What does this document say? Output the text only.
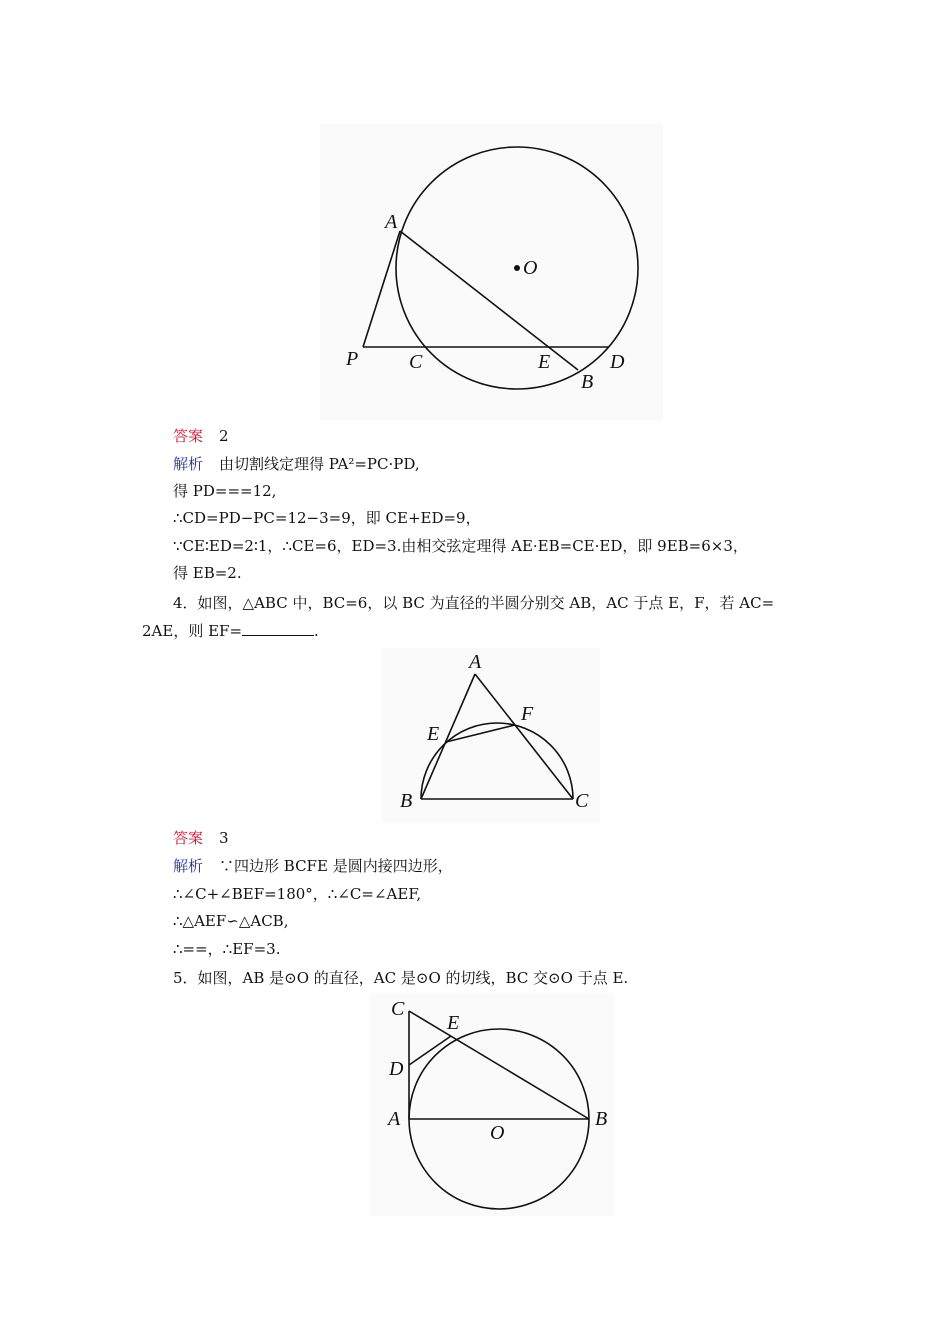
A
O
P	C	E
B
D
答案 2
解析 由切割线定理得 PA²=PC·PD,
得 PD===12,
∴CD=PD−PC=12−3=9，即 CE+ED=9，
∵CE∶ED=2∶1，∴CE=6，ED=3.由相交弦定理得 AE·EB=CE·ED，即 9EB=6×3，
得 EB=2.
4．如图，△ABC 中，BC=6，以 BC 为直径的半圆分别交 AB，AC 于点 E，F，若 AC=
2AE，则 EF=	.
A
E
F
B	C
答案 3
解析 ∵四边形 BCFE 是圆内接四边形，
∴∠C+∠BEF=180°，∴∠C=∠AEF,
∴△AEF∽△ACB,
∴==，∴EF=3.
5．如图，AB 是⊙O 的直径，AC 是⊙O 的切线，BC 交⊙O 于点 E.
C
E
D
A
O
B
